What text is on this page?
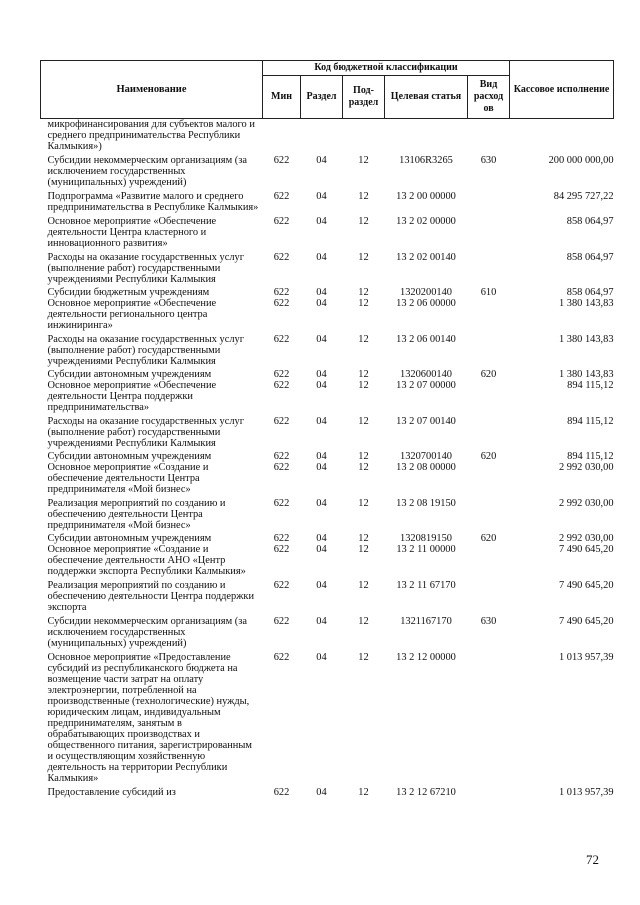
Наименование	Код бюджетной классификации					Кассовое исполнение
	Мин	Раздел	Под-раздел	Целевая статья	Вид расход ов	
микрофинансирования для субъектов малого и среднего предпринимательства Республики Калмыкия»)						
Субсидии некоммерческим организациям (за исключением государственных (муниципальных) учреждений)	622	04	12	13106R3265	630	200 000 000,00
Подпрограмма «Развитие малого и среднего предпринимательства в Республике Калмыкия»	622	04	12	13 2 00 00000		84 295 727,22
Основное мероприятие «Обеспечение деятельности Центра кластерного и инновационного развития»	622	04	12	13 2 02 00000		858 064,97
Расходы на оказание государственных услуг (выполнение работ) государственными учреждениями Республики Калмыкия	622	04	12	13 2 02 00140		858 064,97
Субсидии бюджетным учреждениям	622	04	12	1320200140	610	858 064,97
Основное мероприятие «Обеспечение деятельности регионального центра инжиниринга»	622	04	12	13 2 06 00000		1 380 143,83
Расходы на оказание государственных услуг (выполнение работ) государственными учреждениями Республики Калмыкия	622	04	12	13 2 06 00140		1 380 143,83
Субсидии автономным учреждениям	622	04	12	1320600140	620	1 380 143,83
Основное мероприятие «Обеспечение деятельности Центра поддержки предпринимательства»	622	04	12	13 2 07 00000		894 115,12
Расходы на оказание государственных услуг (выполнение работ) государственными учреждениями Республики Калмыкия	622	04	12	13 2 07 00140		894 115,12
Субсидии автономным учреждениям	622	04	12	1320700140	620	894 115,12
Основное мероприятие «Создание и обеспечение деятельности Центра предпринимателя «Мой бизнес»	622	04	12	13 2 08 00000		2 992 030,00
Реализация мероприятий по созданию и обеспечению деятельности Центра предпринимателя «Мой бизнес»	622	04	12	13 2 08 19150		2 992 030,00
Субсидии автономным учреждениям	622	04	12	1320819150	620	2 992 030,00
Основное мероприятие «Создание и обеспечение деятельности АНО «Центр поддержки экспорта Республики Калмыкия»	622	04	12	13 2 11 00000		7 490 645,20
Реализация мероприятий по созданию и обеспечению деятельности Центра поддержки экспорта	622	04	12	13 2 11 67170		7 490 645,20
Субсидии некоммерческим организациям (за исключением государственных (муниципальных) учреждений)	622	04	12	1321167170	630	7 490 645,20
Основное мероприятие «Предоставление субсидий из республиканского бюджета на возмещение части затрат на оплату электроэнергии, потребленной на производственные (технологические) нужды, юридическим лицам, индивидуальным предпринимателям, занятым в обрабатывающих производствах и общественного питания, зарегистрированным и осуществляющим хозяйственную деятельность на территории Республики Калмыкия»	622	04	12	13 2 12 00000		1 013 957,39
Предоставление субсидий из	622	04	12	13 2 12 67210		1 013 957,39
72
